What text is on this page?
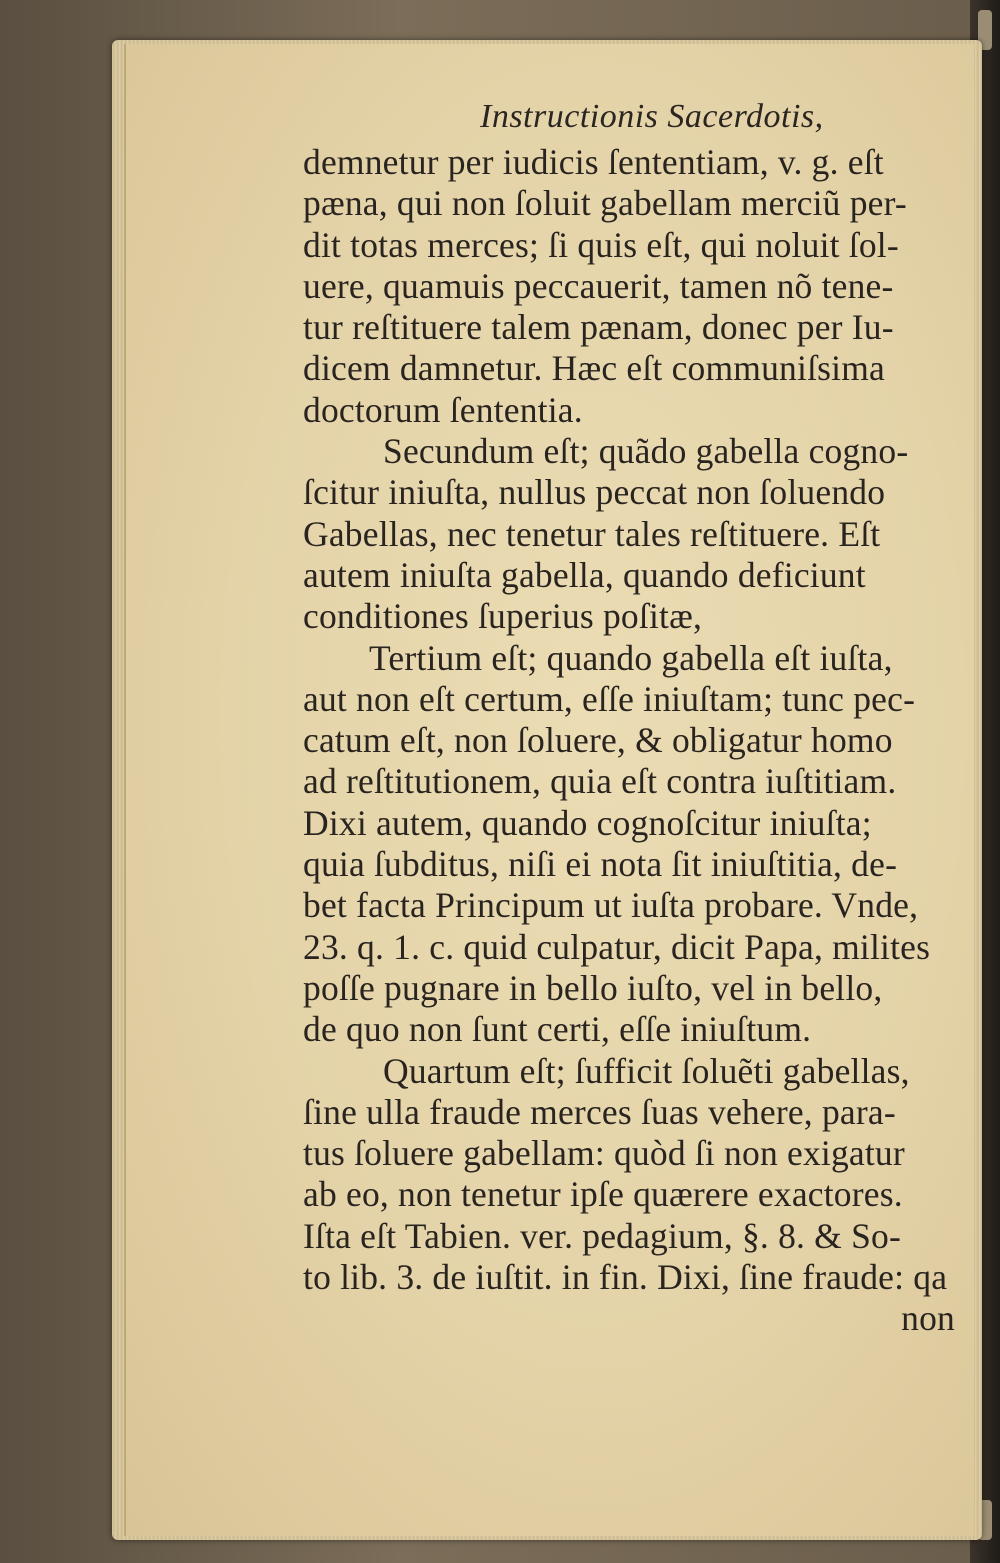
Instructionis Sacerdotis,
demnetur per iudicis ſententiam, v. g. eſt
pæna, qui non ſoluit gabellam merciũ per-
dit totas merces; ſi quis eſt, qui noluit ſol-
uere, quamuis peccauerit, tamen nõ tene-
tur reſtituere talem pænam, donec per Iu-
dicem damnetur. Hæc eſt communiſsima
doctorum ſententia.
Secundum eſt; quãdo gabella cogno-
ſcitur iniuſta, nullus peccat non ſoluendo
Gabellas, nec tenetur tales reſtituere. Eſt
autem iniuſta gabella, quando deficiunt
conditiones ſuperius poſitæ,
Tertium eſt; quando gabella eſt iuſta,
aut non eſt certum, eſſe iniuſtam; tunc pec-
catum eſt, non ſoluere, & obligatur homo
ad reſtitutionem, quia eſt contra iuſtitiam.
Dixi autem, quando cognoſcitur iniuſta;
quia ſubditus, niſi ei nota ſit iniuſtitia, de-
bet facta Principum ut iuſta probare. Vnde,
23. q. 1. c. quid culpatur, dicit Papa, milites
poſſe pugnare in bello iuſto, vel in bello,
de quo non ſunt certi, eſſe iniuſtum.
Quartum eſt; ſufficit ſoluẽti gabellas,
ſine ulla fraude merces ſuas vehere, para-
tus ſoluere gabellam: quòd ſi non exigatur
ab eo, non tenetur ipſe quærere exactores.
Iſta eſt Tabien. ver. pedagium, §. 8. & So-
to lib. 3. de iuſtit. in fin. Dixi, ſine fraude: qa
non
